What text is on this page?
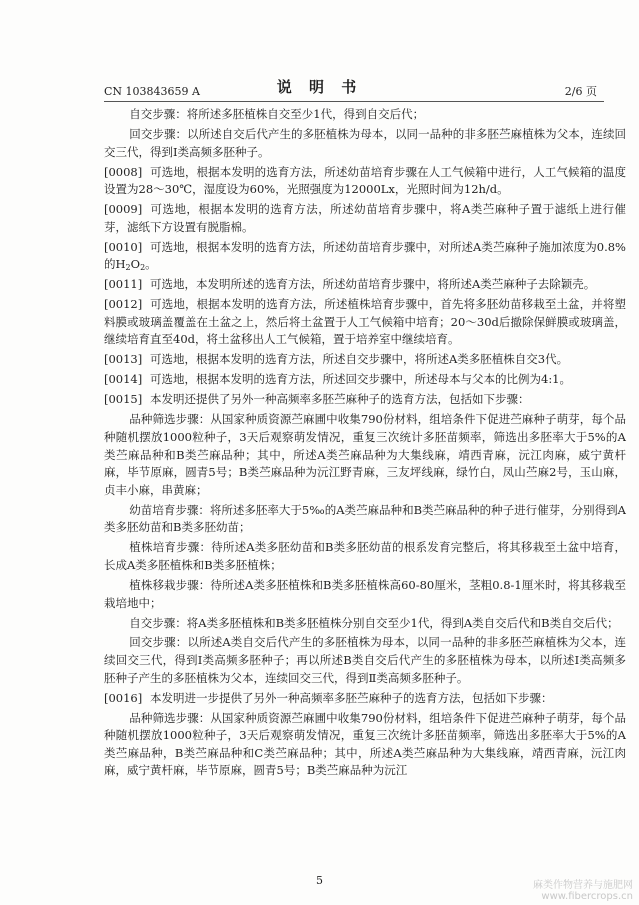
CN 103843659 A	说 明 书	2/6 页

自交步骤：将所述多胚植株自交至少1代，得到自交后代；

回交步骤：以所述自交后代产生的多胚植株为母本，以同一品种的非多胚苎麻植株为父本，连续回交三代，得到Ⅰ类高频多胚种子。

[0008] 可选地，根据本发明的选育方法，所述幼苗培育步骤在人工气候箱中进行，人工气候箱的温度设置为28～30℃，湿度设为60%，光照强度为12000Lx，光照时间为12h/d。

[0009] 可选地，根据本发明的选育方法，所述幼苗培育步骤中，将A类苎麻种子置于滤纸上进行催芽，滤纸下方设置有脱脂棉。

[0010] 可选地，根据本发明的选育方法，所述幼苗培育步骤中，对所述A类苎麻种子施加浓度为0.8%的$H_2O_2$。

[0011] 可选地，本发明所述的选育方法，所述幼苗培育步骤中，将所述A类苎麻种子去除颖壳。

[0012] 可选地，根据本发明的选育方法，所述植株培育步骤中，首先将多胚幼苗移栽至土盆，并将塑料膜或玻璃盖覆盖在土盆之上，然后将土盆置于人工气候箱中培育；20～30d后撤除保鲜膜或玻璃盖，继续培育直至40d，将土盆移出人工气候箱，置于培养室中继续培育。

[0013] 可选地，根据本发明的选育方法，所述自交步骤中，将所述A类多胚植株自交3代。

[0014] 可选地，根据本发明的选育方法，所述回交步骤中，所述母本与父本的比例为4:1。

[0015] 本发明还提供了另外一种高频率多胚苎麻种子的选育方法，包括如下步骤：

品种筛选步骤：从国家种质资源苎麻圃中收集790份材料，组培条件下促进苎麻种子萌芽，每个品种随机摆放1000粒种子，3天后观察萌发情况，重复三次统计多胚苗频率，筛选出多胚率大于5%的A类苎麻品种和B类苎麻品种；其中，所述A类苎麻品种为大集线麻，靖西青麻，沅江肉麻，威宁黄杆麻，毕节原麻，圆青5号；B类苎麻品种为沅江野青麻，三友坪线麻，绿竹白，凤山苎麻2号，玉山麻，贞丰小麻，串黄麻；

幼苗培育步骤：将所述多胚率大于5‰的A类苎麻品种和B类苎麻品种的种子进行催芽，分别得到A类多胚幼苗和B类多胚幼苗；

植株培育步骤：待所述A类多胚幼苗和B类多胚幼苗的根系发育完整后，将其移栽至土盆中培育，长成A类多胚植株和B类多胚植株；

植株移栽步骤：待所述A类多胚植株和B类多胚植株高60-80厘米，茎粗0.8-1厘米时，将其移栽至栽培地中；

自交步骤：将A类多胚植株和B类多胚植株分别自交至少1代，得到A类自交后代和B类自交后代；

回交步骤：以所述A类自交后代产生的多胚植株为母本，以同一品种的非多胚苎麻植株为父本，连续回交三代，得到Ⅰ类高频多胚种子；再以所述B类自交后代产生的多胚植株为母本，以所述Ⅰ类高频多胚种子产生的多胚植株为父本，连续回交三代，得到Ⅱ类高频多胚种子。

[0016] 本发明进一步提供了另外一种高频率多胚苎麻种子的选育方法，包括如下步骤：

品种筛选步骤：从国家种质资源苎麻圃中收集790份材料，组培条件下促进苎麻种子萌芽，每个品种随机摆放1000粒种子，3天后观察萌发情况，重复三次统计多胚苗频率，筛选出多胚率大于5%的A类苎麻品种，B类苎麻品种和C类苎麻品种；其中，所述A类苎麻品种为大集线麻，靖西青麻，沅江肉麻，威宁黄杆麻，毕节原麻，圆青5号；B类苎麻品种为沅江

5	麻类作物营养与施肥网
www.fibercrops.cn
